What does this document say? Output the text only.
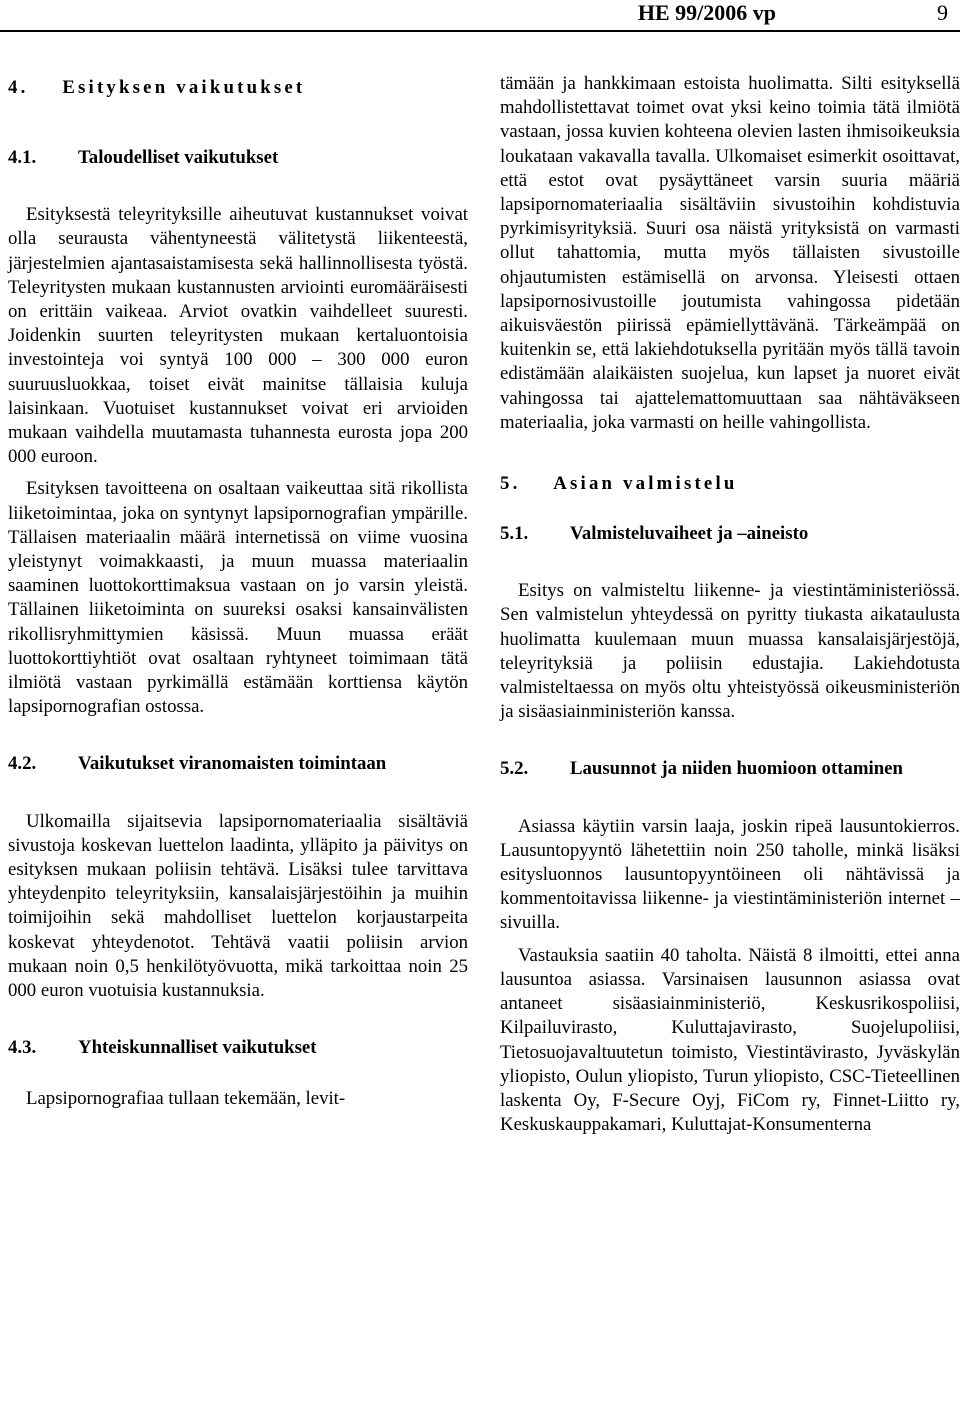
HE 99/2006 vp	9
4. Esityksen vaikutukset
4.1.	Taloudelliset vaikutukset

Esityksestä teleyrityksille aiheutuvat kustannukset voivat olla seurausta vähentyneestä välitetystä liikenteestä, järjestelmien ajantasaistamisesta sekä hallinnollisesta työstä. Teleyritysten mukaan kustannusten arviointi euromääräisesti on erittäin vaikeaa. Arviot ovatkin vaihdelleet suuresti. Joidenkin suurten teleyritysten mukaan kertaluontoisia investointeja voi syntyä 100 000 – 300 000 euron suuruusluokkaa, toiset eivät mainitse tällaisia kuluja laisinkaan. Vuotuiset kustannukset voivat eri arvioiden mukaan vaihdella muutamasta tuhannesta eurosta jopa 200 000 euroon.

Esityksen tavoitteena on osaltaan vaikeuttaa sitä rikollista liiketoimintaa, joka on syntynyt lapsipornografian ympärille. Tällaisen materiaalin määrä internetissä on viime vuosina yleistynyt voimakkaasti, ja muun muassa materiaalin saaminen luottokorttimaksua vastaan on jo varsin yleistä. Tällainen liiketoiminta on suureksi osaksi kansainvälisten rikollisryhmittymien käsissä. Muun muassa eräät luottokorttiyhtiöt ovat osaltaan ryhtyneet toimimaan tätä ilmiötä vastaan pyrkimällä estämään korttiensa käytön lapsipornografian ostossa.

4.2.	Vaikutukset viranomaisten toimintaan

Ulkomailla sijaitsevia lapsipornomateriaalia sisältäviä sivustoja koskevan luettelon laadinta, ylläpito ja päivitys on esityksen mukaan poliisin tehtävä. Lisäksi tulee tarvittava yhteydenpito teleyrityksiin, kansalaisjärjestöihin ja muihin toimijoihin sekä mahdolliset luettelon korjaustarpeita koskevat yhteydenotot. Tehtävä vaatii poliisin arvion mukaan noin 0,5 henkilötyövuotta, mikä tarkoittaa noin 25 000 euron vuotuisia kustannuksia.

4.3.	Yhteiskunnalliset vaikutukset

Lapsipornografiaa tullaan tekemään, levit-

tämään ja hankkimaan estoista huolimatta. Silti esityksellä mahdollistettavat toimet ovat yksi keino toimia tätä ilmiötä vastaan, jossa kuvien kohteena olevien lasten ihmisoikeuksia loukataan vakavalla tavalla. Ulkomaiset esimerkit osoittavat, että estot ovat pysäyttäneet varsin suuria määriä lapsipornomateriaalia sisältäviin sivustoihin kohdistuvia pyrkimisyrityksiä. Suuri osa näistä yrityksistä on varmasti ollut tahattomia, mutta myös tällaisten sivustoille ohjautumisten estämisellä on arvonsa. Yleisesti ottaen lapsipornosivustoille joutumista vahingossa pidetään aikuisväestön piirissä epämiellyttävänä. Tärkeämpää on kuitenkin se, että lakiehdotuksella pyritään myös tällä tavoin edistämään alaikäisten suojelua, kun lapset ja nuoret eivät vahingossa tai ajattelemattomuuttaan saa nähtäväkseen materiaalia, joka varmasti on heille vahingollista.

5. Asian valmistelu
5.1.	Valmisteluvaiheet ja –aineisto

Esitys on valmisteltu liikenne- ja viestintäministeriössä. Sen valmistelun yhteydessä on pyritty tiukasta aikataulusta huolimatta kuulemaan muun muassa kansalaisjärjestöjä, teleyrityksiä ja poliisin edustajia. Lakiehdotusta valmisteltaessa on myös oltu yhteistyössä oikeusministeriön ja sisäasiainministeriön kanssa.

5.2.	Lausunnot ja niiden huomioon ottaminen

Asiassa käytiin varsin laaja, joskin ripeä lausuntokierros. Lausuntopyyntö lähetettiin noin 250 taholle, minkä lisäksi esitysluonnos lausuntopyyntöineen oli nähtävissä ja kommentoitavissa liikenne- ja viestintäministeriön internet –sivuilla.

Vastauksia saatiin 40 taholta. Näistä 8 ilmoitti, ettei anna lausuntoa asiassa. Varsinaisen lausunnon asiassa ovat antaneet sisäasiainministeriö, Keskusrikospoliisi, Kilpailuvirasto, Kuluttajavirasto, Suojelupoliisi, Tietosuojavaltuutetun toimisto, Viestintävirasto, Jyväskylän yliopisto, Oulun yliopisto, Turun yliopisto, CSC-Tieteellinen laskenta Oy, F-Secure Oyj, FiCom ry, Finnet-Liitto ry, Keskuskauppakamari, Kuluttajat-Konsumenterna
